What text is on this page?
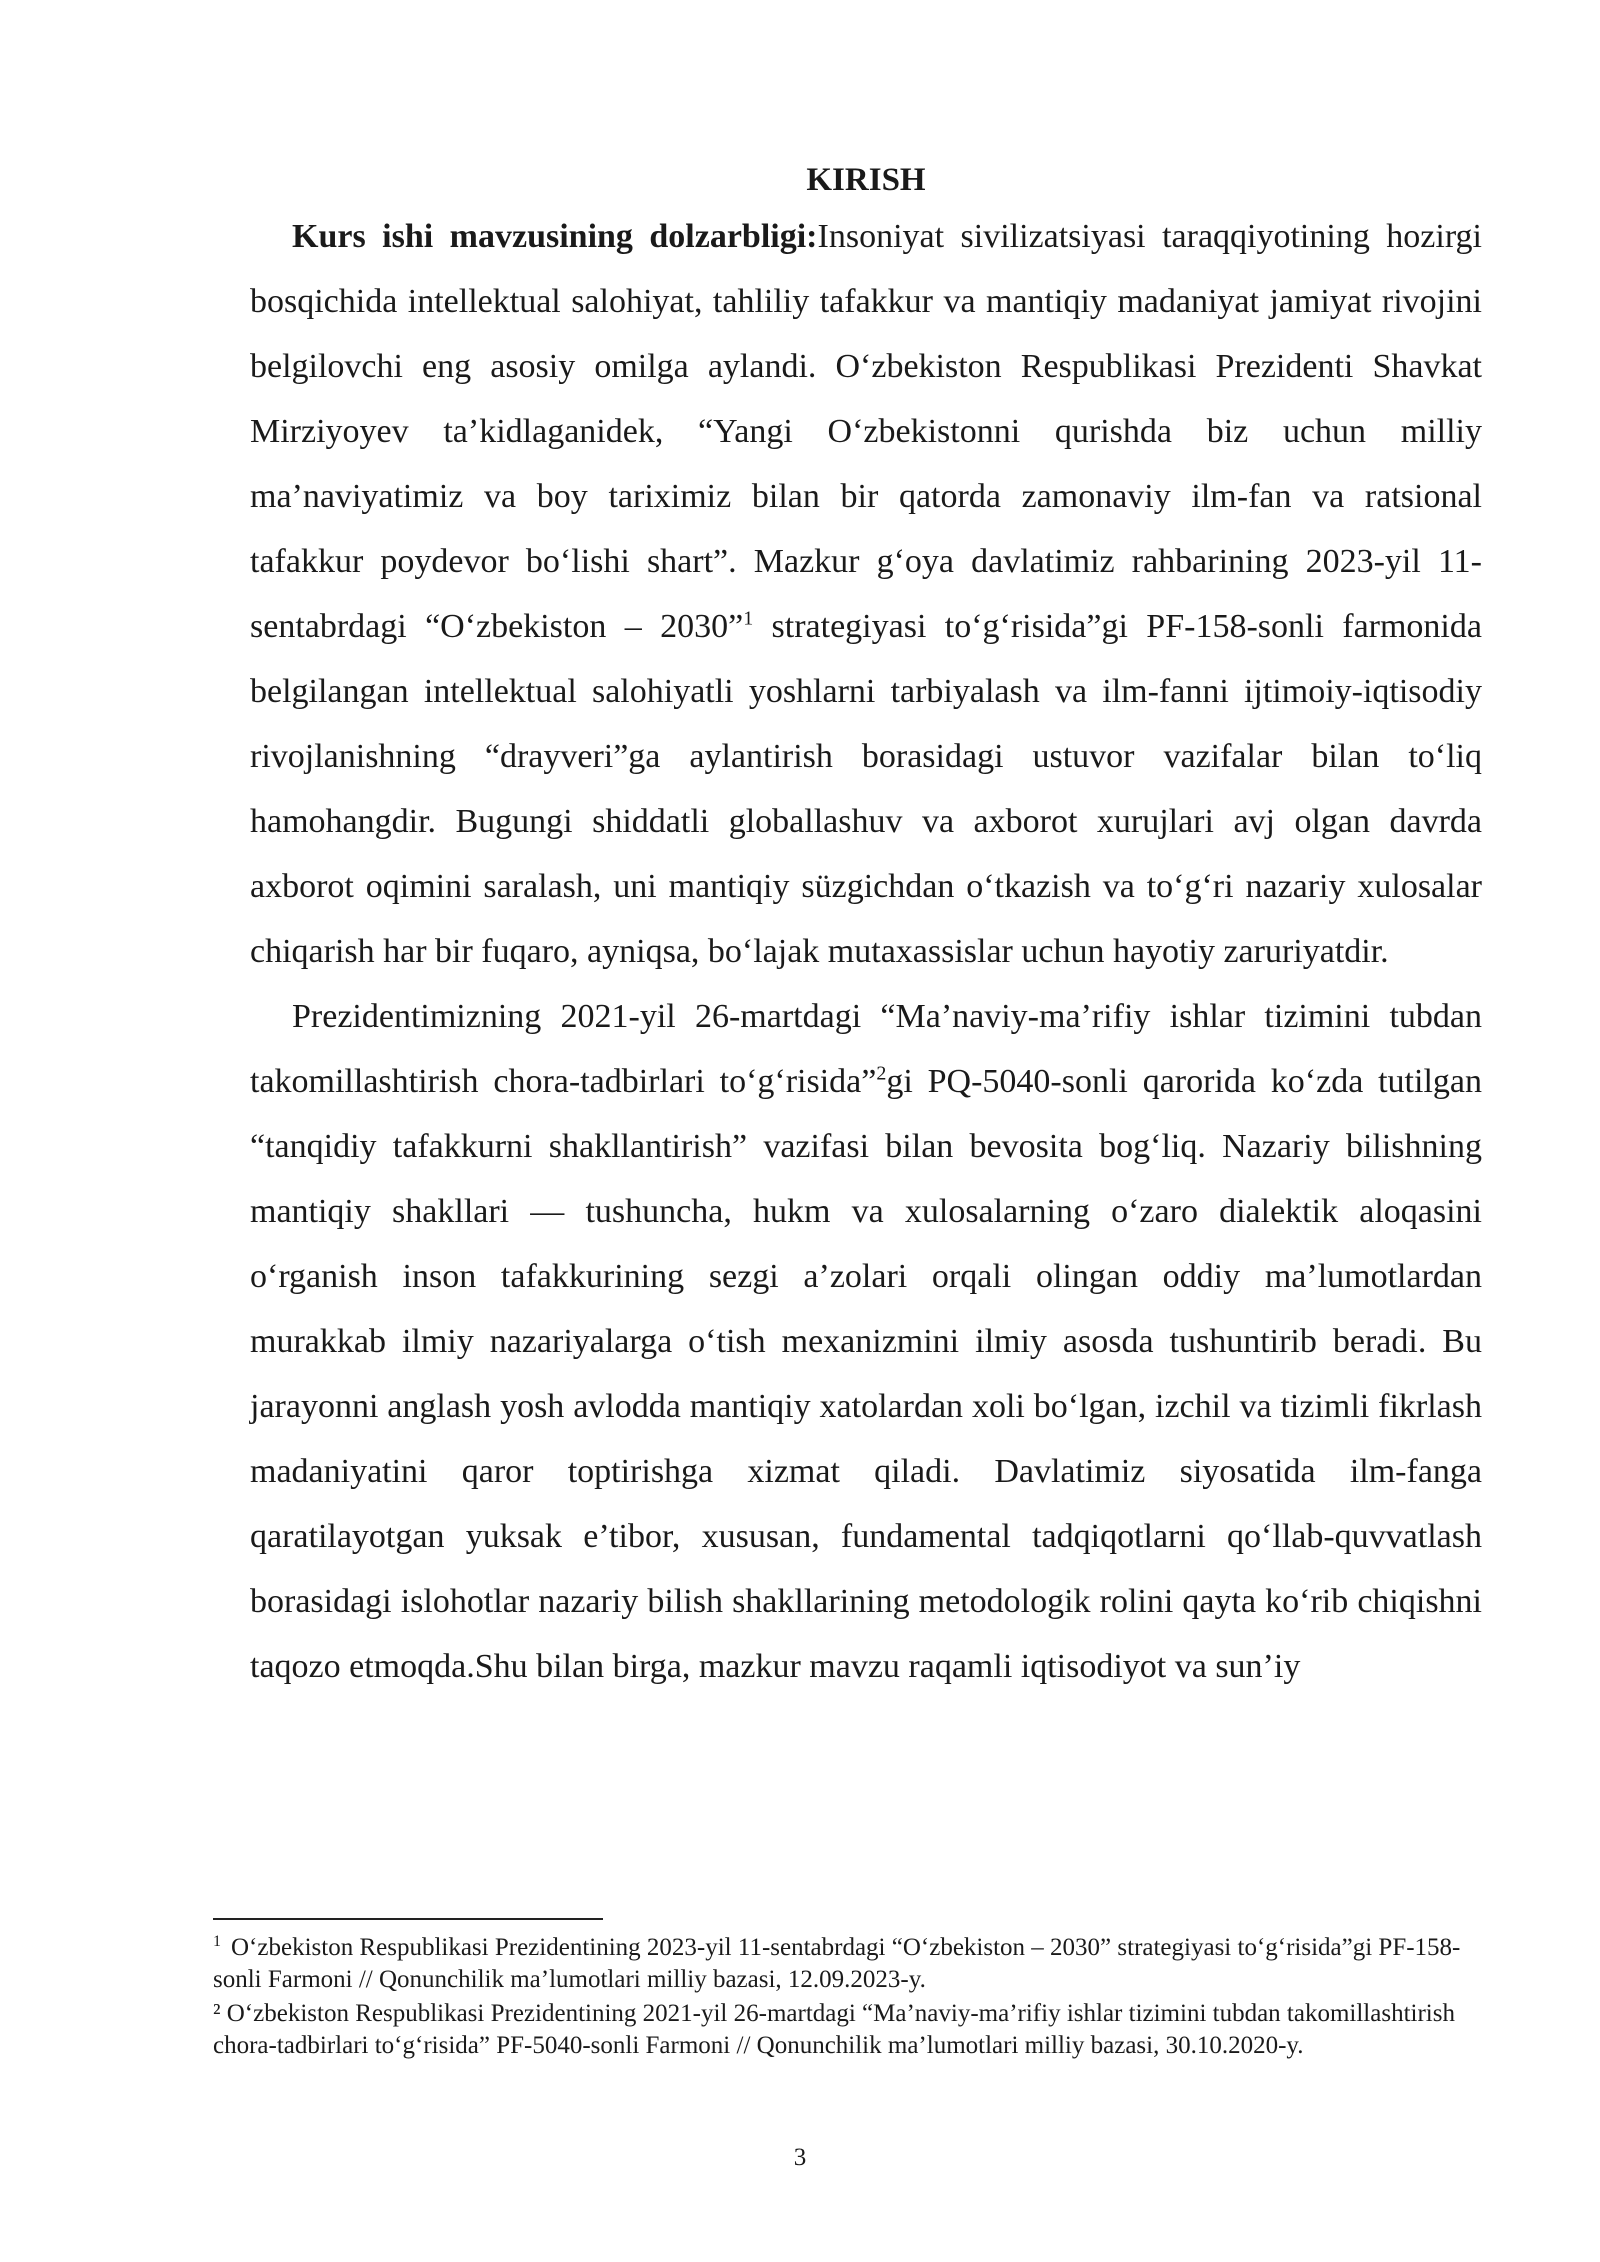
KIRISH

Kurs ishi mavzusining dolzarbligi:Insoniyat sivilizatsiyasi taraqqiyotining hozirgi bosqichida intellektual salohiyat, tahliliy tafakkur va mantiqiy madaniyat jamiyat rivojini belgilovchi eng asosiy omilga aylandi. O‘zbekiston Respublikasi Prezidenti Shavkat Mirziyoyev ta’kidlaganidek, “Yangi O‘zbekistonni qurishda biz uchun milliy ma’naviyatimiz va boy tariximiz bilan bir qatorda zamonaviy ilm-fan va ratsional tafakkur poydevor bo‘lishi shart”. Mazkur g‘oya davlatimiz rahbarining 2023-yil 11-sentabrdagi “O‘zbekiston – 2030”$^1$ strategiyasi to‘g‘risida”gi PF-158-sonli farmonida belgilangan intellektual salohiyatli yoshlarni tarbiyalash va ilm-fanni ijtimoiy-iqtisodiy rivojlanishning “drayveri”ga aylantirish borasidagi ustuvor vazifalar bilan to‘liq hamohangdir. Bugungi shiddatli globallashuv va axborot xurujlari avj olgan davrda axborot oqimini saralash, uni mantiqiy süzgichdan o‘tkazish va to‘g‘ri nazariy xulosalar chiqarish har bir fuqaro, ayniqsa, bo‘lajak mutaxassislar uchun hayotiy zaruriyatdir.

Prezidentimizning 2021-yil 26-martdagi “Ma’naviy-ma’rifiy ishlar tizimini tubdan takomillashtirish chora-tadbirlari to‘g‘risida”$^2$gi PQ-5040-sonli qarorida ko‘zda tutilgan “tanqidiy tafakkurni shakllantirish” vazifasi bilan bevosita bog‘liq. Nazariy bilishning mantiqiy shakllari — tushuncha, hukm va xulosalarning o‘zaro dialektik aloqasini o‘rganish inson tafakkurining sezgi a’zolari orqali olingan oddiy ma’lumotlardan murakkab ilmiy nazariyalarga o‘tish mexanizmini ilmiy asosda tushuntirib beradi. Bu jarayonni anglash yosh avlodda mantiqiy xatolardan xoli bo‘lgan, izchil va tizimli fikrlash madaniyatini qaror toptirishga xizmat qiladi. Davlatimiz siyosatida ilm-fanga qaratilayotgan yuksak e’tibor, xususan, fundamental tadqiqotlarni qo‘llab-quvvatlash borasidagi islohotlar nazariy bilish shakllarining metodologik rolini qayta ko‘rib chiqishni taqozo etmoqda.Shu bilan birga, mazkur mavzu raqamli iqtisodiyot va sun’iy

$^1$ O‘zbekiston Respublikasi Prezidentining 2023-yil 11-sentabrdagi “O‘zbekiston – 2030” strategiyasi to‘g‘risida”gi PF-158-sonli Farmoni // Qonunchilik ma’lumotlari milliy bazasi, 12.09.2023-y.

² O‘zbekiston Respublikasi Prezidentining 2021-yil 26-martdagi “Ma’naviy-ma’rifiy ishlar tizimini tubdan takomillashtirish chora-tadbirlari to‘g‘risida” PF-5040-sonli Farmoni // Qonunchilik ma’lumotlari milliy bazasi, 30.10.2020-y.

3
